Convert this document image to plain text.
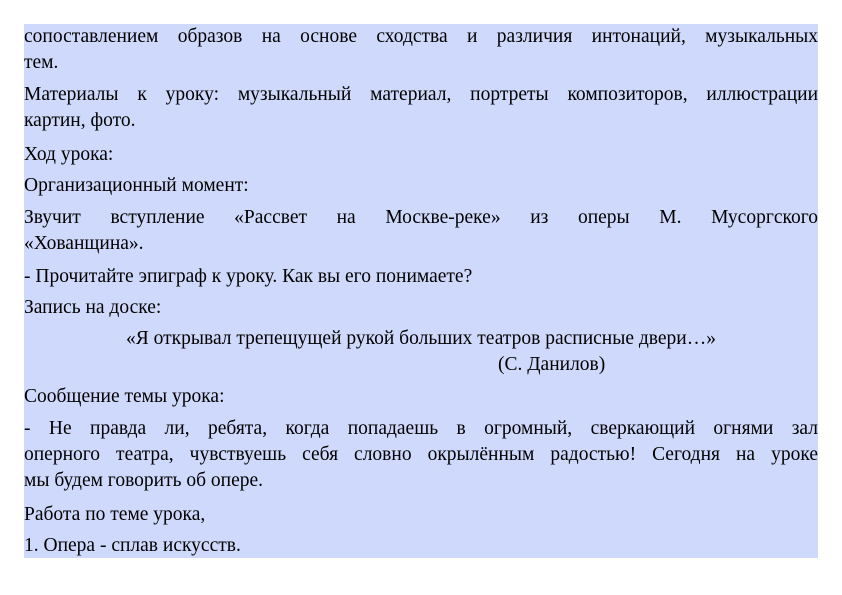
сопоставлением образов на основе сходства и различия интонаций, музыкальных
тем.
Материалы к уроку: музыкальный материал, портреты композиторов, иллюстрации
картин, фото.
Ход урока:
Организационный момент:
Звучит вступление «Рассвет на Москве-реке» из оперы М. Мусоргского
«Хованщина».
- Прочитайте эпиграф к уроку. Как вы его понимаете?
Запись на доске:
«Я открывал трепещущей рукой больших театров расписные двери…»
(С. Данилов)
Сообщение темы урока:
- Не правда ли, ребята, когда попадаешь в огромный, сверкающий огнями зал
оперного театра, чувствуешь себя словно окрылённым радостью! Сегодня на уроке
мы будем говорить об опере.
Работа по теме урока,
1. Опера - сплав искусств.
